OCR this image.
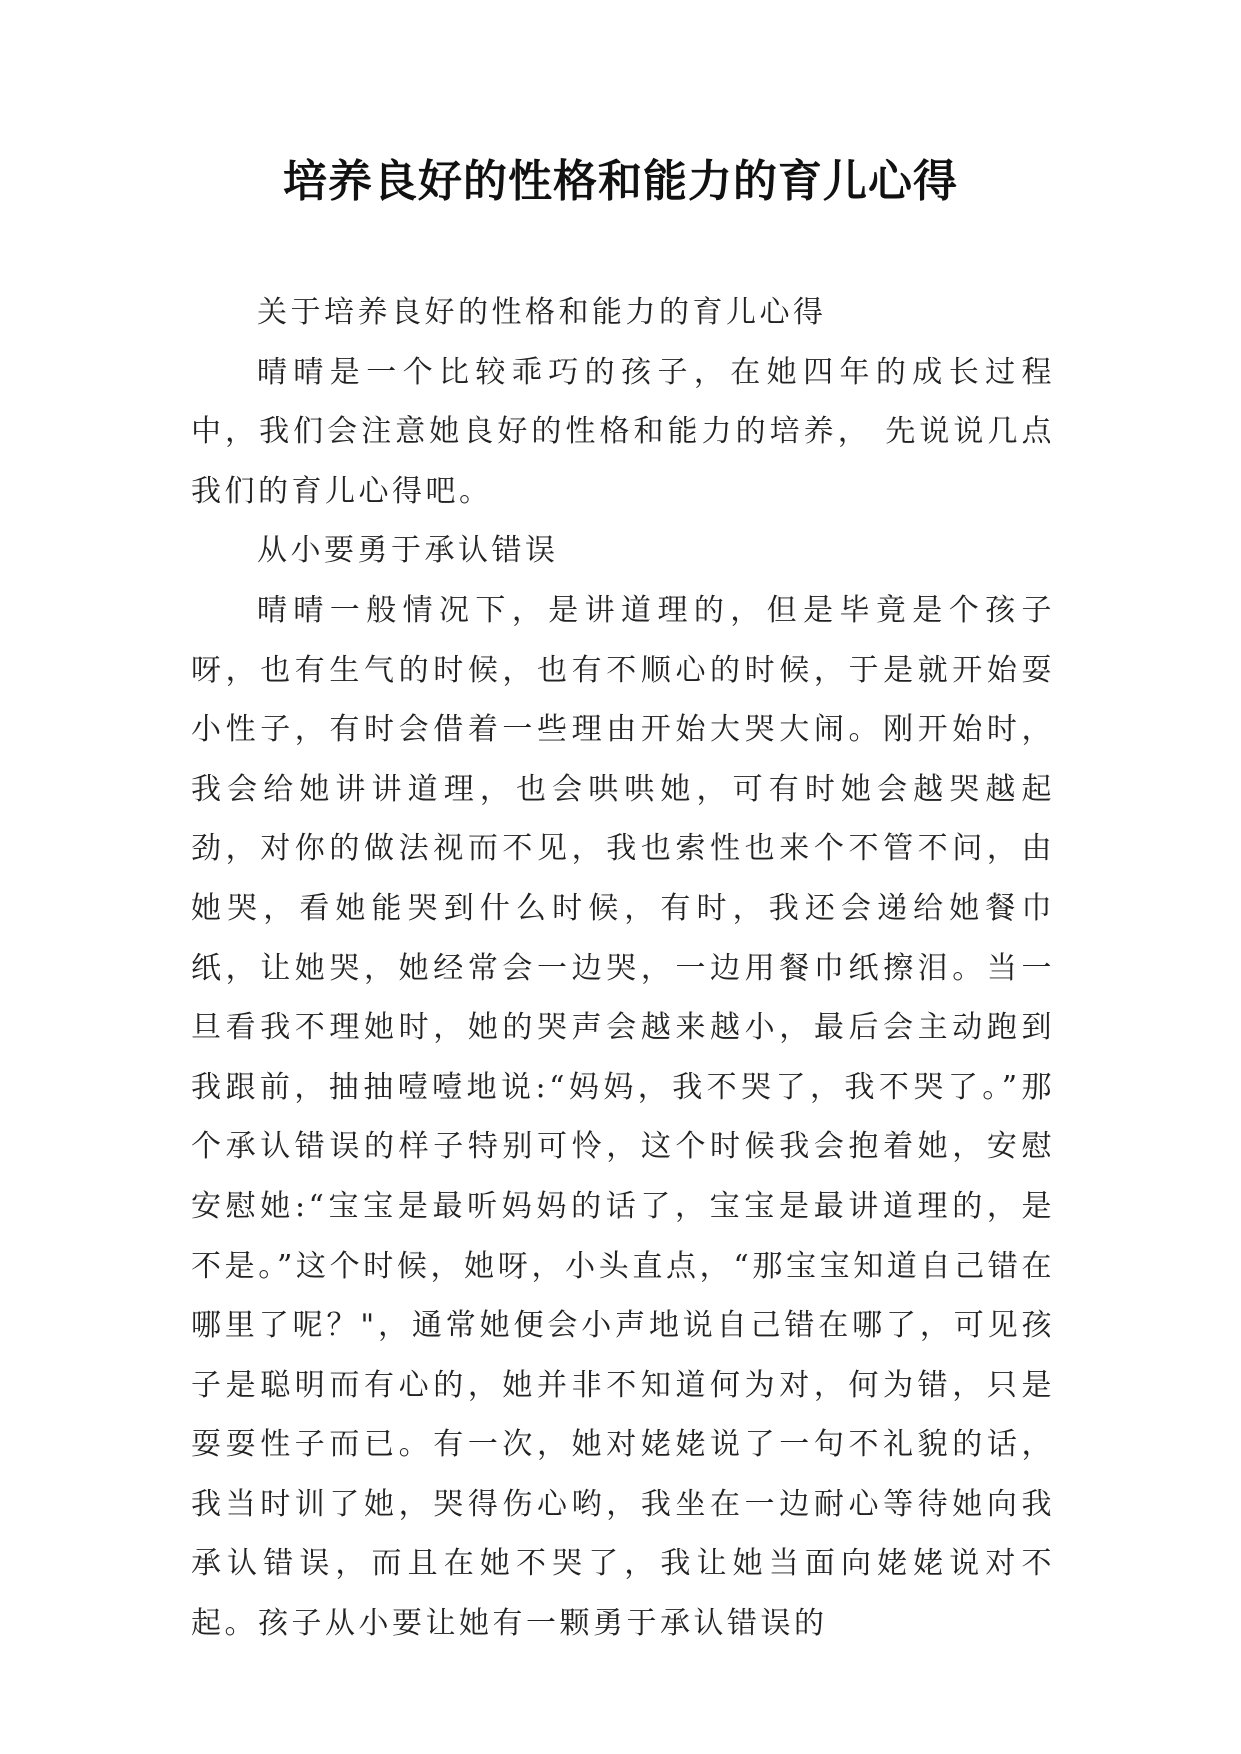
培养良好的性格和能力的育儿心得

关于培养良好的性格和能力的育儿心得

晴晴是一个比较乖巧的孩子，在她四年的成长过程中，我们会注意她良好的性格和能力的培养， 先说说几点我们的育儿心得吧。

从小要勇于承认错误

晴晴一般情况下，是讲道理的，但是毕竟是个孩子呀，也有生气的时候，也有不顺心的时候，于是就开始耍小性子，有时会借着一些理由开始大哭大闹。刚开始时，我会给她讲讲道理，也会哄哄她，可有时她会越哭越起劲，对你的做法视而不见，我也索性也来个不管不问，由她哭，看她能哭到什么时候，有时，我还会递给她餐巾纸，让她哭，她经常会一边哭，一边用餐巾纸擦泪。当一旦看我不理她时，她的哭声会越来越小，最后会主动跑到我跟前，抽抽噎噎地说:“妈妈，我不哭了，我不哭了。”那个承认错误的样子特别可怜，这个时候我会抱着她，安慰安慰她:“宝宝是最听妈妈的话了，宝宝是最讲道理的，是不是。”这个时候，她呀，小头直点，“那宝宝知道自己错在哪里了呢？"，通常她便会小声地说自己错在哪了，可见孩子是聪明而有心的，她并非不知道何为对，何为错，只是耍耍性子而已。有一次，她对姥姥说了一句不礼貌的话，我当时训了她，哭得伤心哟，我坐在一边耐心等待她向我承认错误，而且在她不哭了，我让她当面向姥姥说对不起。孩子从小要让她有一颗勇于承认错误的
